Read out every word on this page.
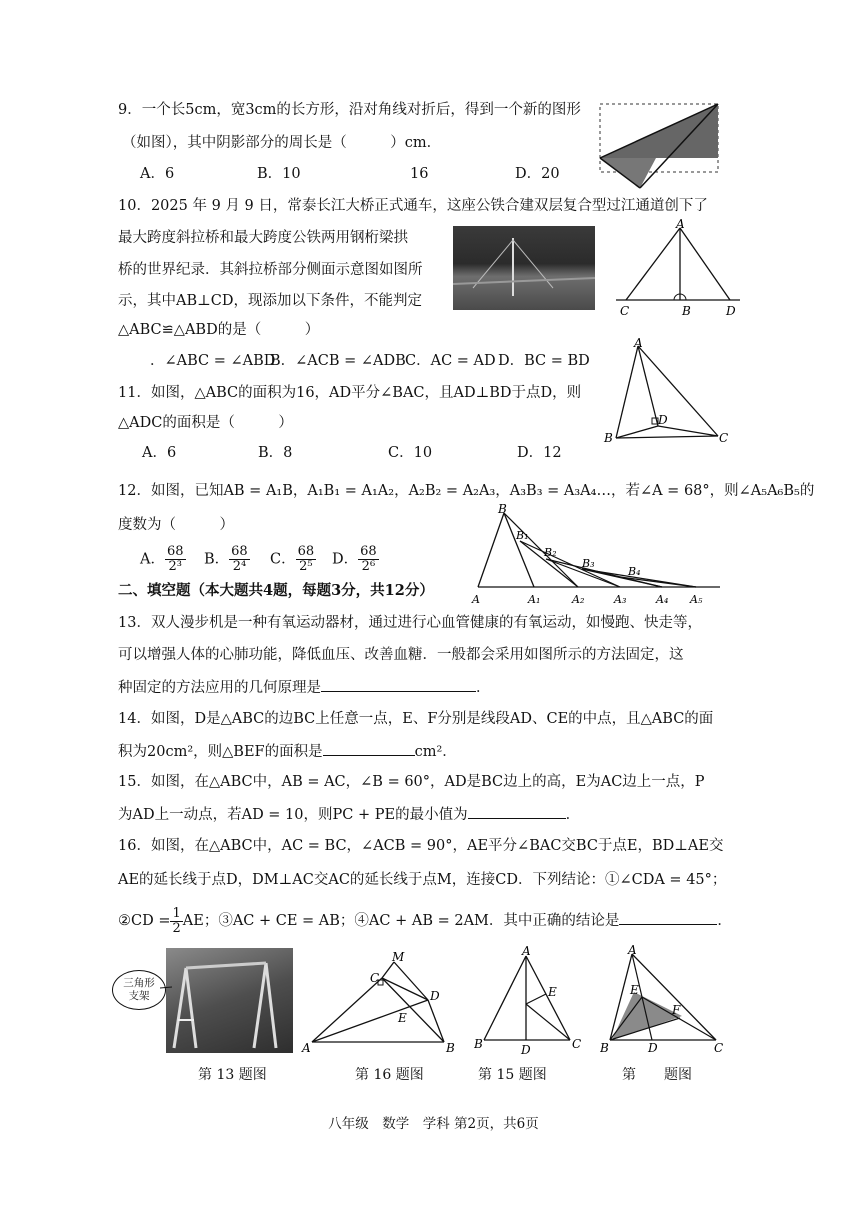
9．一个长5cm，宽3cm的长方形，沿对角线对折后，得到一个新的图形
（如图），其中阴影部分的周长是（　　　）cm．
A．6	B．10	16	D．20
10．2025 年 9 月 9 日，常泰长江大桥正式通车，这座公铁合建双层复合型过江通道创下了
最大跨度斜拉桥和最大跨度公铁两用钢桁梁拱
桥的世界纪录．其斜拉桥部分侧面示意图如图所
示，其中AB⊥CD，现添加以下条件，不能判定
△ABC≌△ABD的是（　　　）
．∠ABC = ∠ABD
B．∠ACB = ∠ADB C．AC = AD D．BC = BD
A
C	B	D
11．如图，△ABC的面积为16，AD平分∠BAC，且AD⊥BD于点D，则
△ADC的面积是（　　　）
A．6	B．8	C．10	D．12
A
D
B	C
12．如图，已知AB = A₁B，A₁B₁ = A₁A₂，A₂B₂ = A₂A₃，A₃B₃ = A₃A₄…，若∠A = 68°，则∠A₅A₆B₅的
度数为（　　　）
A． $\frac{68}{\text{2³}}$ B． $\frac{68}{\text{2⁴}}$ C． $\frac{68}{\text{2⁵}}$ D． $\frac{68}{\text{2⁶}}$
B
B₁
B₂
B₃
B₄
A	A₁	A₂	A₃	A₄ A₅
二、填空题（本大题共4题，每题3分，共12分）
13．双人漫步机是一种有氧运动器材，通过进行心血管健康的有氧运动，如慢跑、快走等，
可以增强人体的心肺功能，降低血压、改善血糖．一般都会采用如图所示的方法固定，这
种固定的方法应用的几何原理是	．
14．如图，D是△ABC的边BC上任意一点，E、F分别是线段AD、CE的中点，且△ABC的面
积为20cm²，则△BEF的面积是	cm²．
15．如图，在△ABC中，AB = AC，∠B = 60°，AD是BC边上的高，E为AC边上一点，P
为AD上一动点，若AD = 10，则PC + PE的最小值为	．
16．如图，在△ABC中，AC = BC，∠ACB = 90°，AE平分∠BAC交BC于点E，BD⊥AE交
AE的延长线于点D，DM⊥AC交AC的延长线于点M，连接CD．下列结论：①∠CDA = 45°；
②CD = $\frac{1}{2}$ AE；③AC + CE = AB；④AC + AB = 2AM．其中正确的结论是	．
三角形
支架
M
C
D
E
A	B
A
E
B	D	C
A
E
F
B	D	C
第 13 题图	第 16 题图	第 15 题图	第　　题图
八年级　数学　学科 第2页，共6页
